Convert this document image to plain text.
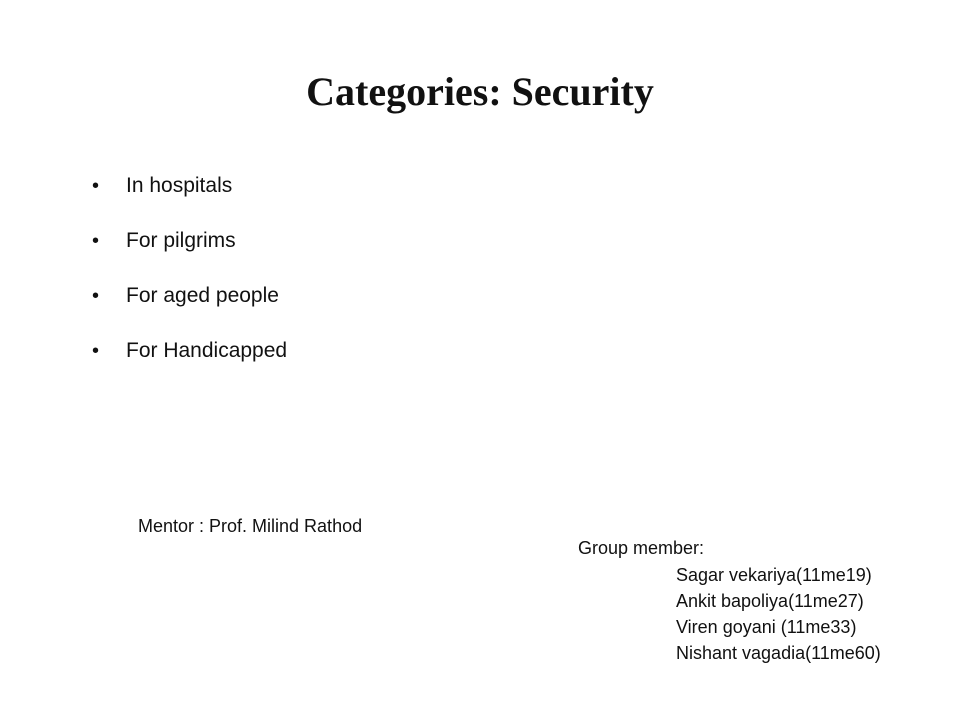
Categories: Security
•	In hospitals
•	For pilgrims
•	For aged people
•	For Handicapped
Mentor : Prof. Milind Rathod
Group member:
Sagar vekariya(11me19)
Ankit bapoliya(11me27)
Viren goyani (11me33)
Nishant vagadia(11me60)
